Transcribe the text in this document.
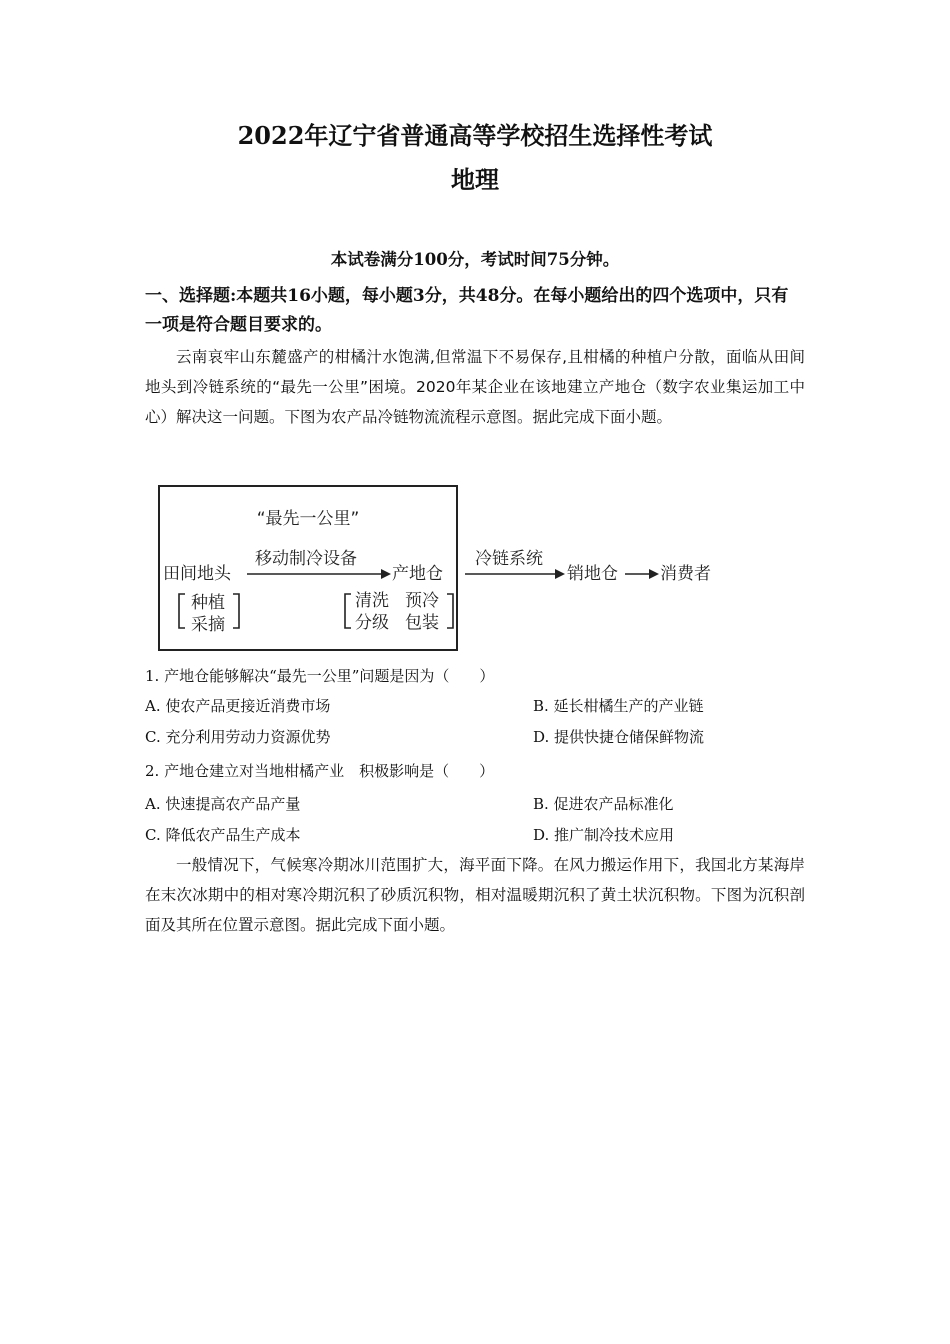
2022年辽宁省普通高等学校招生选择性考试
地理
本试卷满分100分，考试时间75分钟。
一、选择题:本题共16小题，每小题3分，共48分。在每小题给出的四个选项中，只有一项是符合题目要求的。
云南哀牢山东麓盛产的柑橘汁水饱满,但常温下不易保存,且柑橘的种植户分散，面临从田间地头到冷链系统的“最先一公里”困境。2020年某企业在该地建立产地仓（数字农业集运加工中心）解决这一问题。下图为农产品冷链物流流程示意图。据此完成下面小题。
“最先一公里”
田间地头
移动制冷设备
产地仓
种植
采摘
清洗 预冷
分级 包装
冷链系统
销地仓 消费者
1. 产地仓能够解决“最先一公里”问题是因为（　　）
A. 使农产品更接近消费市场	B. 延长柑橘生产的产业链
C. 充分利用劳动力资源优势	D. 提供快捷仓储保鲜物流
2. 产地仓建立对当地柑橘产业　积极影响是（　　）
A. 快速提高农产品产量	B. 促进农产品标准化
C. 降低农产品生产成本	D. 推广制冷技术应用
一般情况下，气候寒冷期冰川范围扩大，海平面下降。在风力搬运作用下，我国北方某海岸在末次冰期中的相对寒冷期沉积了砂质沉积物，相对温暖期沉积了黄土状沉积物。下图为沉积剖面及其所在位置示意图。据此完成下面小题。
